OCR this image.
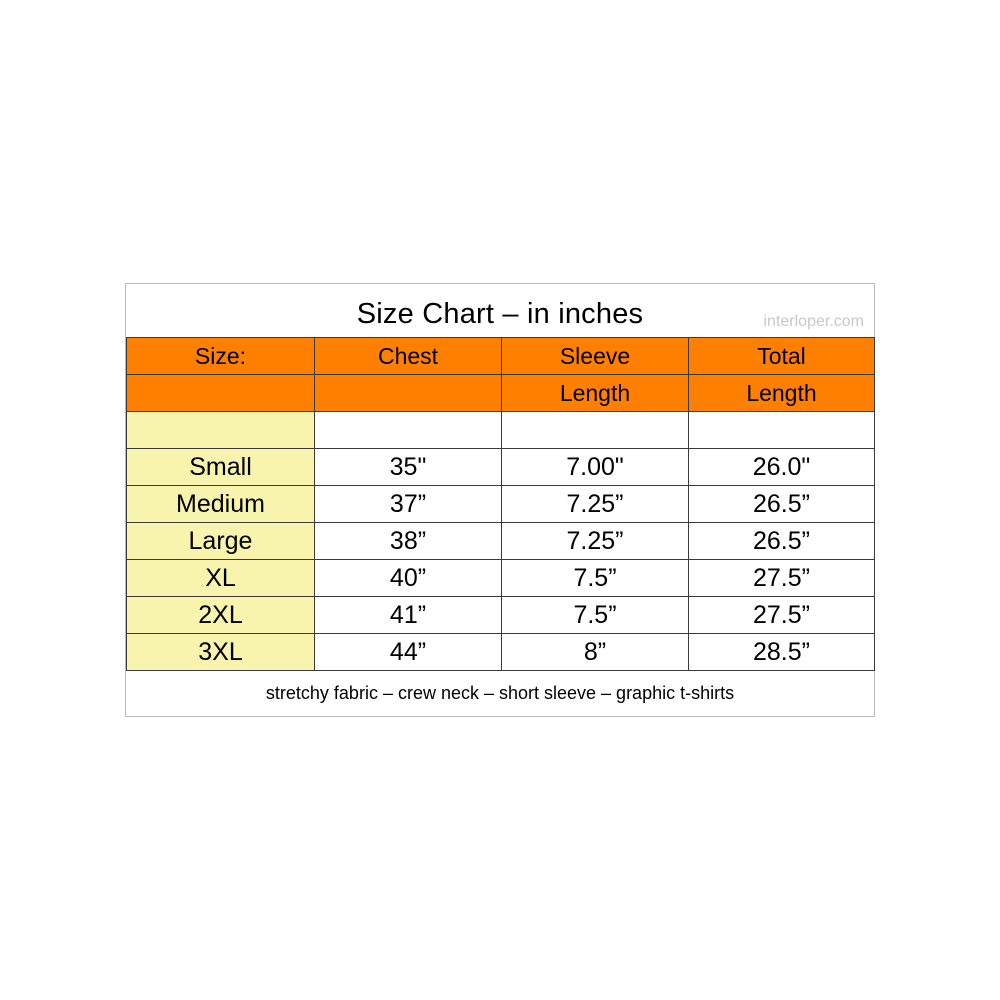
Size Chart – in inches	interloper.com
Size:	Chest	Sleeve	Total
		Length	Length

Small	35"	7.00"	26.0"
Medium	37”	7.25”	26.5”
Large	38”	7.25”	26.5”
XL	40”	7.5”	27.5”
2XL	41”	7.5”	27.5”
3XL	44”	8”	28.5”
stretchy fabric – crew neck – short sleeve – graphic t-shirts
